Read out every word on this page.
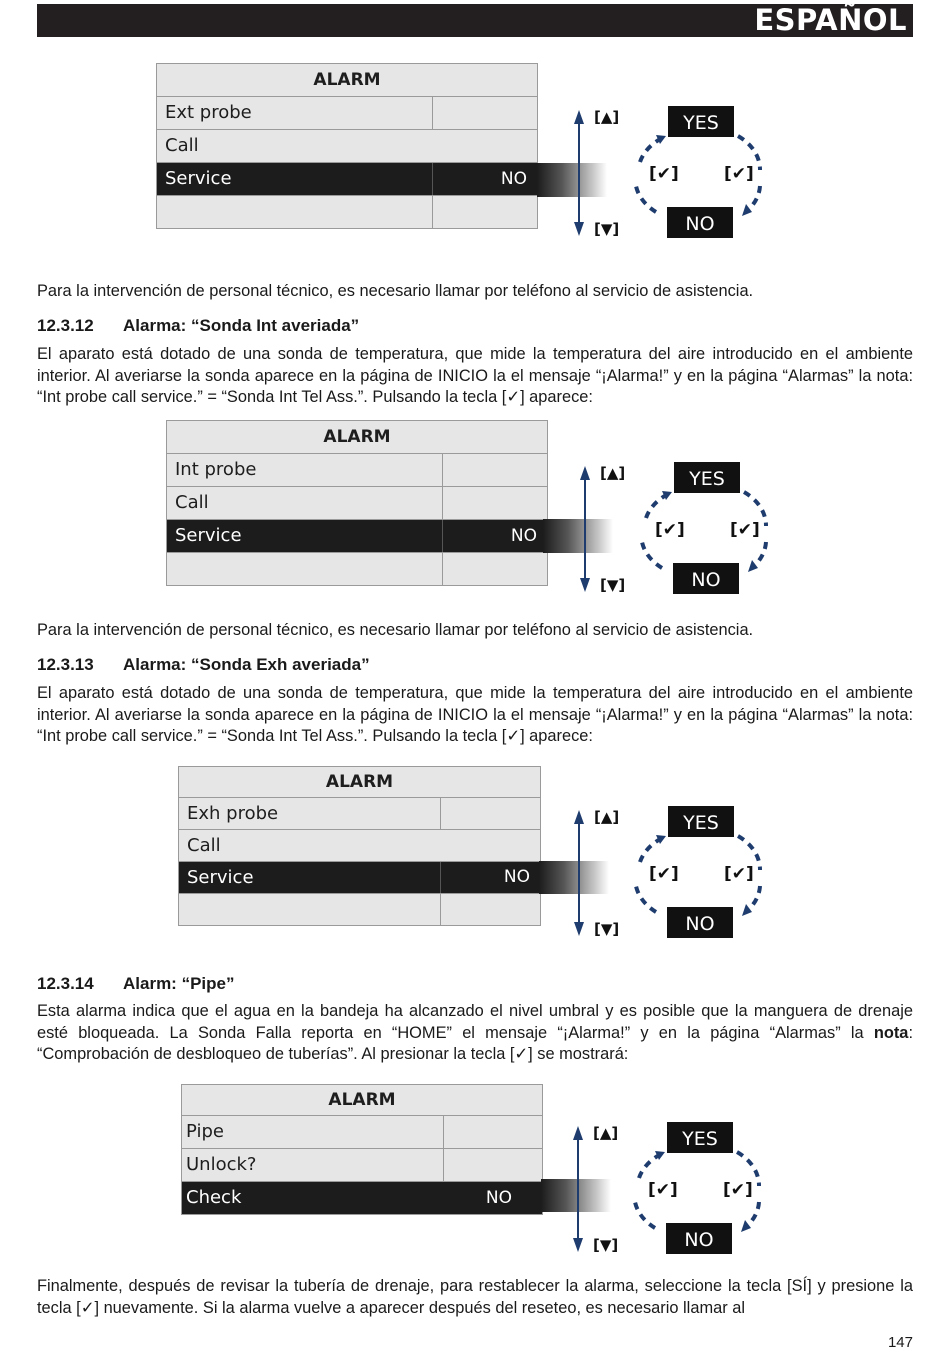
ESPAÑOL
ALARM
Ext probe
Call
Service	NO
ALARM
Int probe
Call
Service	NO
ALARM
Exh probe
Call
Service	NO
ALARM
Pipe
Unlock?
Check	NO

Para la intervención de personal técnico, es necesario llamar por teléfono al servicio de asistencia.

12.3.12 Alarma: “Sonda Int averiada”

El aparato está dotado de una sonda de temperatura, que mide la temperatura del aire introducido en el ambiente interior. Al averiarse la sonda aparece en la página de INICIO la el mensaje “¡Alarma!” y en la página “Alarmas” la nota: “Int probe call service.” = “Sonda Int Tel Ass.”. Pulsando la tecla [✓] aparece:

Para la intervención de personal técnico, es necesario llamar por teléfono al servicio de asistencia.

12.3.13 Alarma: “Sonda Exh averiada”

El aparato está dotado de una sonda de temperatura, que mide la temperatura del aire introducido en el ambiente interior. Al averiarse la sonda aparece en la página de INICIO la el mensaje “¡Alarma!” y en la página “Alarmas” la nota: “Int probe call service.” = “Sonda Int Tel Ass.”. Pulsando la tecla [✓] aparece:

12.3.14 Alarm: “Pipe”

Esta alarma indica que el agua en la bandeja ha alcanzado el nivel umbral y es posible que la manguera de drenaje esté bloqueada. La Sonda Falla reporta en “HOME” el mensaje “¡Alarma!” y en la página “Alarmas” la nota: “Comprobación de desbloqueo de tuberías”. Al presionar la tecla [✓] se mostrará:

Finalmente, después de revisar la tubería de drenaje, para restablecer la alarma, seleccione la tecla [SÍ] y presione la tecla [✓] nuevamente. Si la alarma vuelve a aparecer después del reseteo, es necesario llamar al

147
